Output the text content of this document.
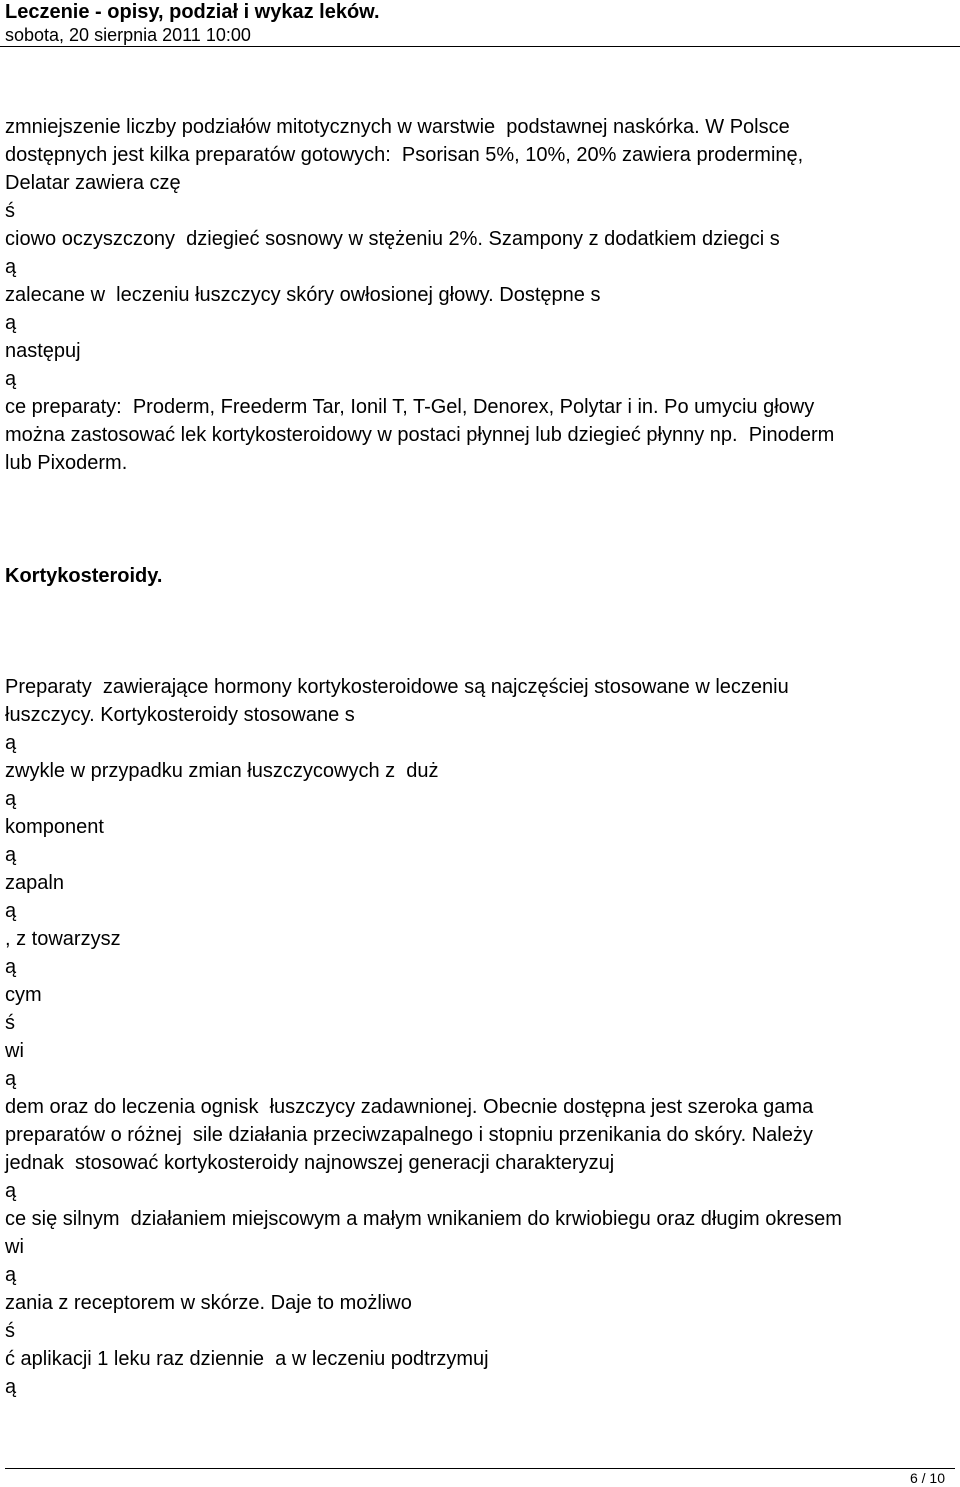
Leczenie - opisy, podział i wykaz leków.
sobota, 20 sierpnia 2011 10:00
zmniejszenie liczby podziałów mitotycznych w warstwie  podstawnej naskórka. W Polsce
dostępnych jest kilka preparatów gotowych:  Psorisan 5%, 10%, 20% zawiera proderminę,
Delatar zawiera czę
ś
ciowo oczyszczony  dziegieć sosnowy w stężeniu 2%. Szampony z dodatkiem dziegci s
ą
zalecane w  leczeniu łuszczycy skóry owłosionej głowy. Dostępne s
ą
następuj
ą
ce preparaty:  Proderm, Freederm Tar, Ionil T, T-Gel, Denorex, Polytar i in. Po umyciu głowy
można zastosować lek kortykosteroidowy w postaci płynnej lub dziegieć płynny np.  Pinoderm
lub Pixoderm.
Kortykosteroidy.
Preparaty  zawierające hormony kortykosteroidowe są najczęściej stosowane w leczeniu
łuszczycy. Kortykosteroidy stosowane s
ą
zwykle w przypadku zmian łuszczycowych z  duż
ą
komponent
ą
zapaln
ą
, z towarzysz
ą
cym
ś
wi
ą
dem oraz do leczenia ognisk  łuszczycy zadawnionej. Obecnie dostępna jest szeroka gama
preparatów o różnej  sile działania przeciwzapalnego i stopniu przenikania do skóry. Należy
jednak  stosować kortykosteroidy najnowszej generacji charakteryzuj
ą
ce się silnym  działaniem miejscowym a małym wnikaniem do krwiobiegu oraz długim okresem
wi
ą
zania z receptorem w skórze. Daje to możliwo
ś
ć aplikacji 1 leku raz dziennie  a w leczeniu podtrzymuj
ą
6 / 10
